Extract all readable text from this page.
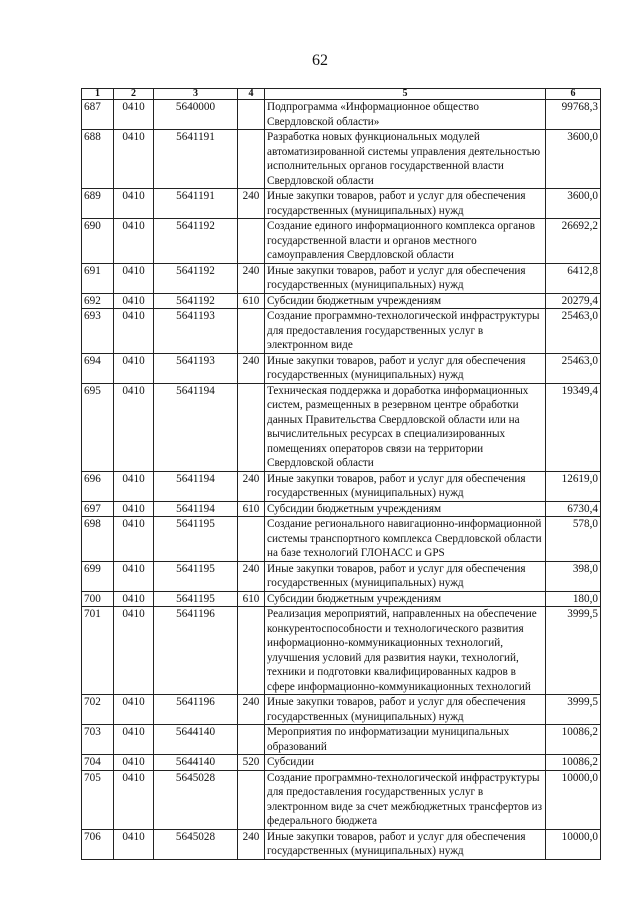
62
1	2	3	4	5	6
687	0410	5640000		Подпрограмма «Информационное общество Свердловской области»	99768,3
688	0410	5641191		Разработка новых функциональных модулей автоматизированной системы управления деятельностью исполнительных органов государственной власти Свердловской области	3600,0
689	0410	5641191	240	Иные закупки товаров, работ и услуг для обеспечения государственных (муниципальных) нужд	3600,0
690	0410	5641192		Создание единого информационного комплекса органов государственной власти и органов местного самоуправления Свердловской области	26692,2
691	0410	5641192	240	Иные закупки товаров, работ и услуг для обеспечения государственных (муниципальных) нужд	6412,8
692	0410	5641192	610	Субсидии бюджетным учреждениям	20279,4
693	0410	5641193		Создание программно-технологической инфраструктуры для предоставления государственных услуг в электронном виде	25463,0
694	0410	5641193	240	Иные закупки товаров, работ и услуг для обеспечения государственных (муниципальных) нужд	25463,0
695	0410	5641194		Техническая поддержка и доработка информационных систем, размещенных в резервном центре обработки данных Правительства Свердловской области или на вычислительных ресурсах в специализированных помещениях операторов связи на территории Свердловской области	19349,4
696	0410	5641194	240	Иные закупки товаров, работ и услуг для обеспечения государственных (муниципальных) нужд	12619,0
697	0410	5641194	610	Субсидии бюджетным учреждениям	6730,4
698	0410	5641195		Создание регионального навигационно-информационной системы транспортного комплекса Свердловской области на базе технологий ГЛОНАСС и GPS	578,0
699	0410	5641195	240	Иные закупки товаров, работ и услуг для обеспечения государственных (муниципальных) нужд	398,0
700	0410	5641195	610	Субсидии бюджетным учреждениям	180,0
701	0410	5641196		Реализация мероприятий, направленных на обеспечение конкурентоспособности и технологического развития информационно-коммуникационных технологий, улучшения условий для развития науки, технологий, техники и подготовки квалифицированных кадров в сфере информационно-коммуникационных технологий	3999,5
702	0410	5641196	240	Иные закупки товаров, работ и услуг для обеспечения государственных (муниципальных) нужд	3999,5
703	0410	5644140		Мероприятия по информатизации муниципальных образований	10086,2
704	0410	5644140	520	Субсидии	10086,2
705	0410	5645028		Создание программно-технологической инфраструктуры для предоставления государственных услуг в электронном виде за счет межбюджетных трансфертов из федерального бюджета	10000,0
706	0410	5645028	240	Иные закупки товаров, работ и услуг для обеспечения государственных (муниципальных) нужд	10000,0
